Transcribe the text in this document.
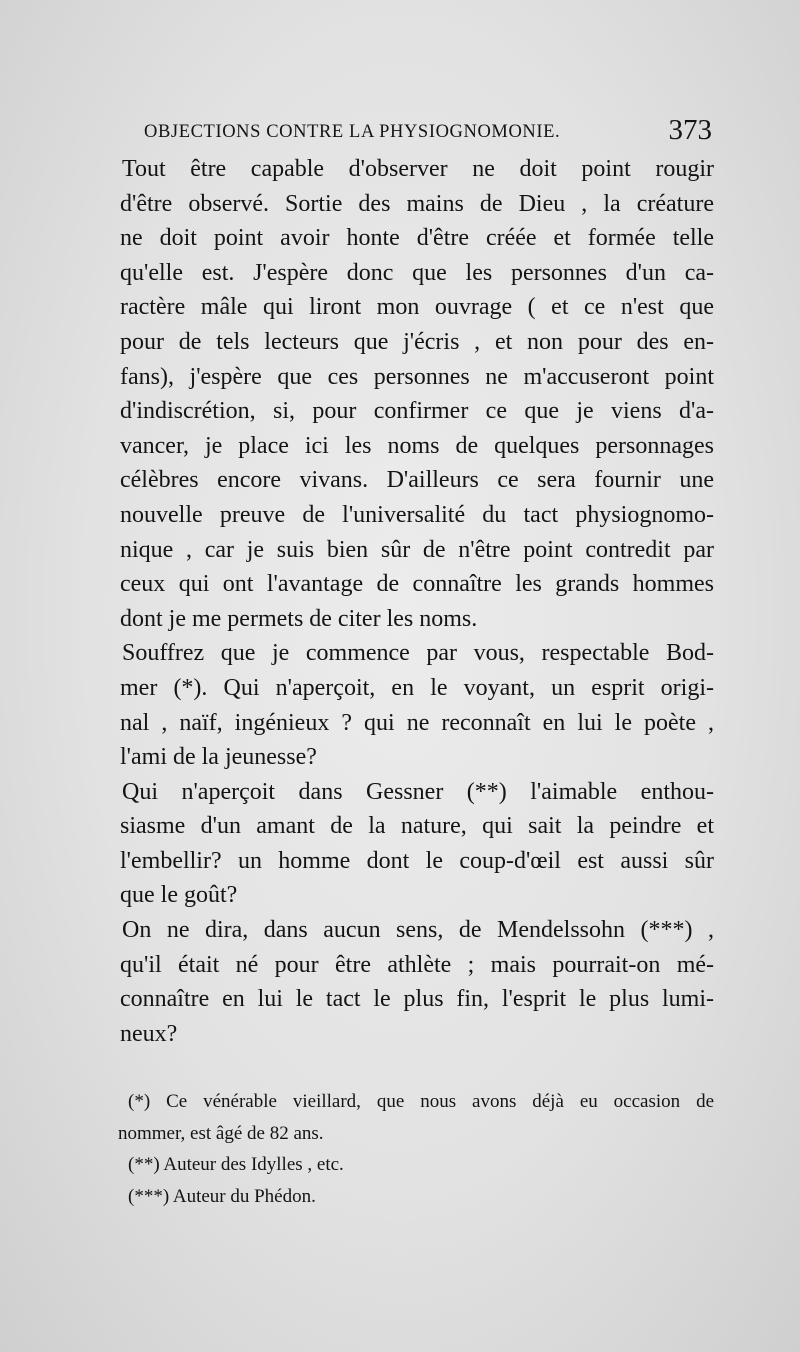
OBJECTIONS CONTRE LA PHYSIOGNOMONIE.	373

Tout être capable d'observer ne doit point rougir
d'être observé. Sortie des mains de Dieu , la créature
ne doit point avoir honte d'être créée et formée telle
qu'elle est. J'espère donc que les personnes d'un ca-
ractère mâle qui liront mon ouvrage ( et ce n'est que
pour de tels lecteurs que j'écris , et non pour des en-
fans), j'espère que ces personnes ne m'accuseront point
d'indiscrétion, si, pour confirmer ce que je viens d'a-
vancer, je place ici les noms de quelques personnages
célèbres encore vivans. D'ailleurs ce sera fournir une
nouvelle preuve de l'universalité du tact physiognomo-
nique , car je suis bien sûr de n'être point contredit par
ceux qui ont l'avantage de connaître les grands hommes
dont je me permets de citer les noms.

Souffrez que je commence par vous, respectable Bod-
mer (*). Qui n'aperçoit, en le voyant, un esprit origi-
nal , naïf, ingénieux ? qui ne reconnaît en lui le poète ,
l'ami de la jeunesse?

Qui n'aperçoit dans Gessner (**) l'aimable enthou-
siasme d'un amant de la nature, qui sait la peindre et
l'embellir? un homme dont le coup-d'œil est aussi sûr
que le goût?

On ne dira, dans aucun sens, de Mendelssohn (***) ,
qu'il était né pour être athlète ; mais pourrait-on mé-
connaître en lui le tact le plus fin, l'esprit le plus lumi-
neux?

(*) Ce vénérable vieillard, que nous avons déjà eu occasion de
nommer, est âgé de 82 ans.
(**) Auteur des Idylles , etc.
(***) Auteur du Phédon.
